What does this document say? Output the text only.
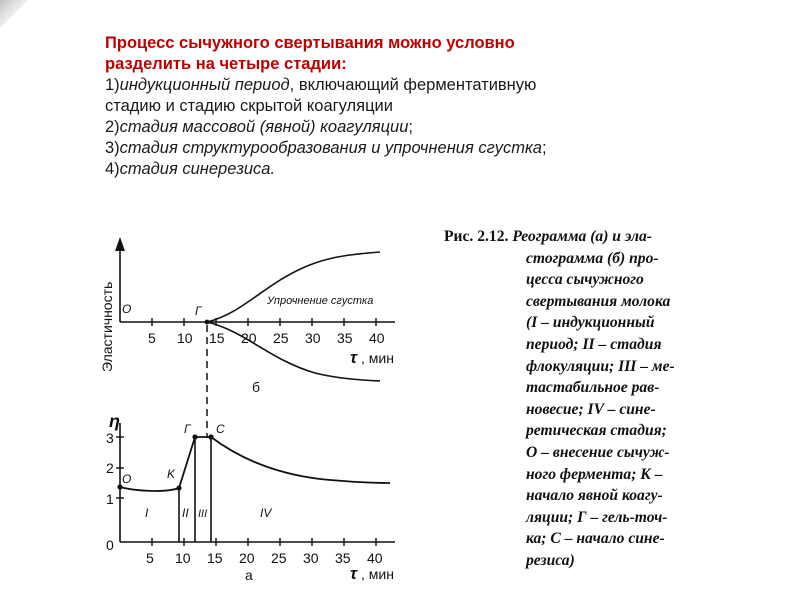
Процесс сычужного свертывания можно условно
разделить на четыре стадии:

1)индукционный период, включающий ферментативную
стадию и стадию скрытой коагуляции

2)стадия массовой (явной) коагуляции;

3)стадия структурообразования и упрочнения сгустка;

4)стадия синерезиса.

Эластичность O	Г
Упрочнение сгустка
б
5 10 15 20 25 30 35 40
τ , мин
η
3
2
1
0
O	K
Г C
I	II III	IV
5 10 15 20 25 30 35 40
а	τ , мин
Рис. 2.12. Реограмма (а) и эла-
стограмма (б) про-
цесса сычужного
свертывания молока
(I – индукционный
период; II – стадия
флокуляции; III – ме-
тастабильное рав-
новесие; IV – сине-
ретическая стадия;
O – внесение сычуж-
ного фермента; К –
начало явной коагу-
ляции; Г – гель-точ-
ка; С – начало сине-
резиса)
